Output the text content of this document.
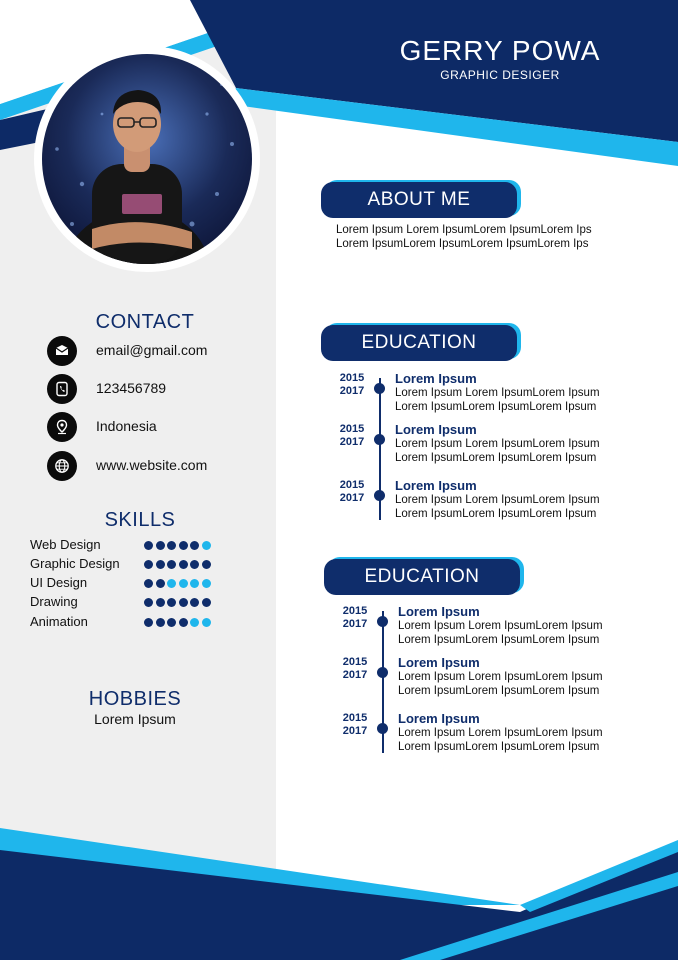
GERRY POWA
GRAPHIC DESIGER
CONTACT
email@gmail.com
123456789
Indonesia
www.website.com
SKILLS
Web Design
Graphic Design
UI Design
Drawing
Animation
HOBBIES
Lorem Ipsum
ABOUT ME

Lorem Ipsum Lorem IpsumLorem IpsumLorem Ips

Lorem IpsumLorem IpsumLorem IpsumLorem Ips

EDUCATION
2015
2017
Lorem Ipsum

Lorem Ipsum Lorem IpsumLorem Ipsum

Lorem IpsumLorem IpsumLorem Ipsum

2015
2017
Lorem Ipsum

Lorem Ipsum Lorem IpsumLorem Ipsum

Lorem IpsumLorem IpsumLorem Ipsum

2015
2017
Lorem Ipsum

Lorem Ipsum Lorem IpsumLorem Ipsum

Lorem IpsumLorem IpsumLorem Ipsum

EDUCATION
2015
2017
Lorem Ipsum

Lorem Ipsum Lorem IpsumLorem Ipsum

Lorem IpsumLorem IpsumLorem Ipsum

2015
2017
Lorem Ipsum

Lorem Ipsum Lorem IpsumLorem Ipsum

Lorem IpsumLorem IpsumLorem Ipsum

2015
2017
Lorem Ipsum

Lorem Ipsum Lorem IpsumLorem Ipsum

Lorem IpsumLorem IpsumLorem Ipsum
